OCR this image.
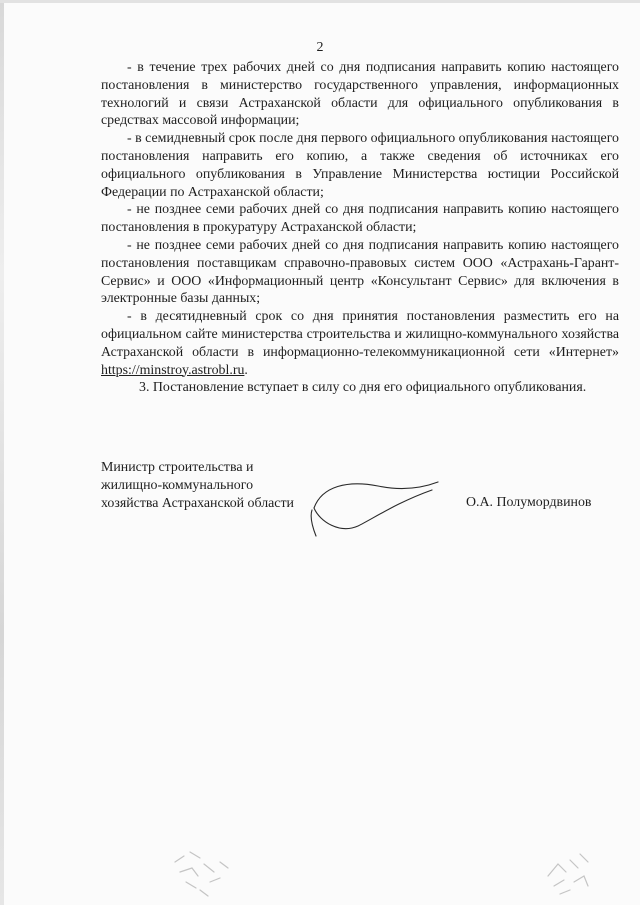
2

- в течение трех рабочих дней со дня подписания направить копию настоящего постановления в министерство государственного управления, информационных технологий и связи Астраханской области для официального опубликования в средствах массовой информации;

- в семидневный срок после дня первого официального опубликования настоящего постановления направить его копию, а также сведения об источниках его официального опубликования в Управление Министерства юстиции Российской Федерации по Астраханской области;

- не позднее семи рабочих дней со дня подписания направить копию настоящего постановления в прокуратуру Астраханской области;

- не позднее семи рабочих дней со дня подписания направить копию настоящего постановления поставщикам справочно-правовых систем ООО «Астрахань-Гарант-Сервис» и ООО «Информационный центр «Консультант Сервис» для включения в электронные базы данных;

- в десятидневный срок со дня принятия постановления разместить его на официальном сайте министерства строительства и жилищно-коммунального хозяйства Астраханской области в информационно-телекоммуникационной сети «Интернет» https://minstroy.astrobl.ru.

3. Постановление вступает в силу со дня его официального опубликования.

Министр строительства и
жилищно-коммунального
хозяйства Астраханской области	О.А. Полумордвинов
